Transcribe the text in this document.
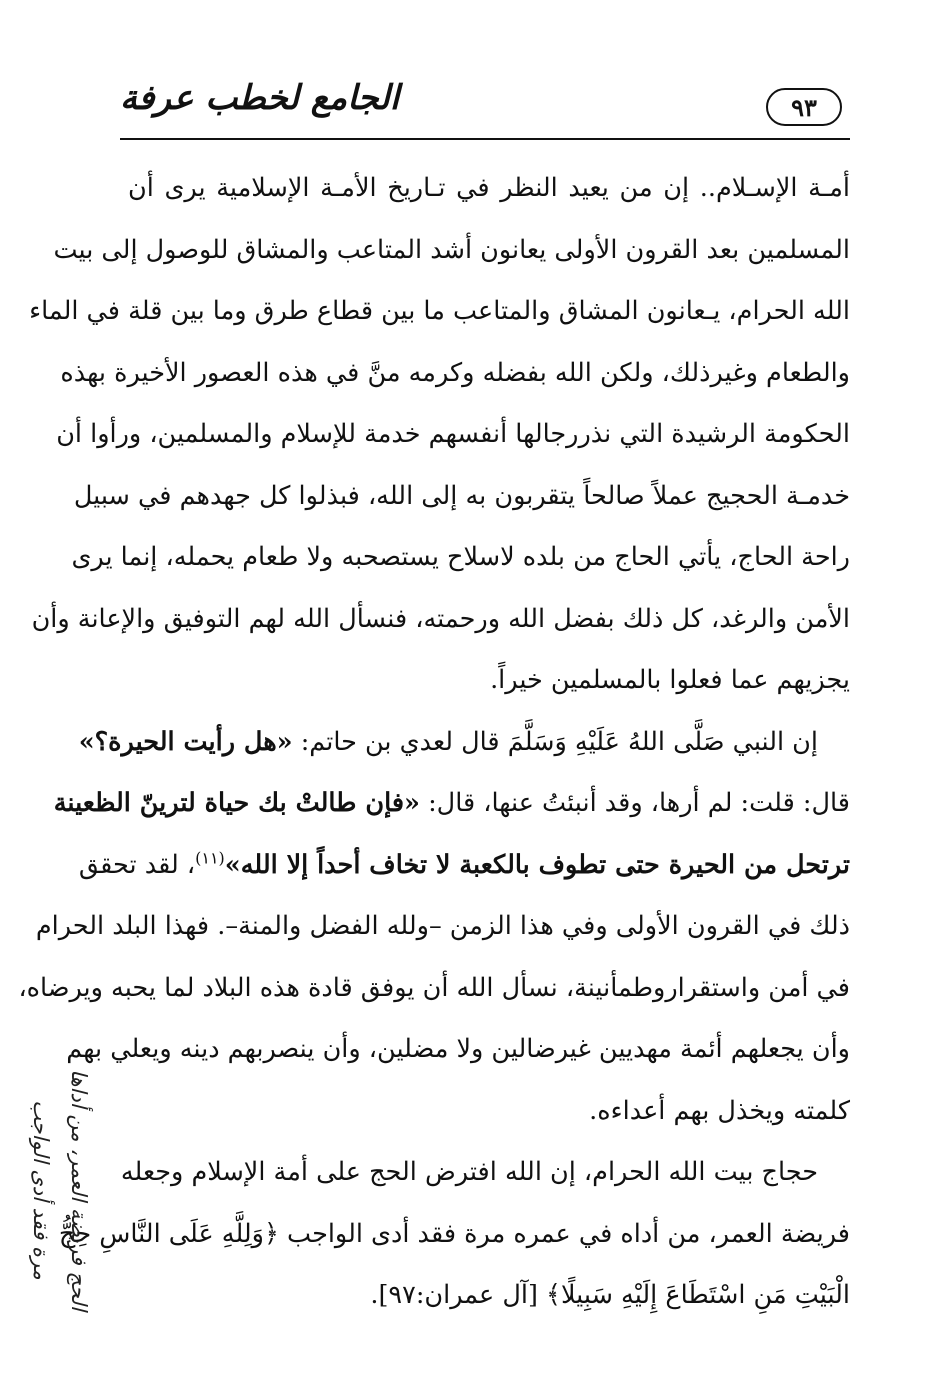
الجامع لخطب عرفة	٩٣
أمـة الإسـلام.. إن من يعيد النظر في تـاريخ الأمـة الإسلامية يرى أن
المسلمين بعد القرون الأولى يعانون أشد المتاعب والمشاق للوصول إلى بيت
الله الحرام، يـعانون المشاق والمتاعب ما بين قطاع طرق وما بين قلة في الماء
والطعام وغيرذلك، ولكن الله بفضله وكرمه منَّ في هذه العصور الأخيرة بهذه
الحكومة الرشيدة التي نذررجالها أنفسهم خدمة للإسلام والمسلمين، ورأوا أن
خدمـة الحجيج عملاً صالحاً يتقربون به إلى الله، فبذلوا كل جهدهم في سبيل
راحة الحاج، يأتي الحاج من بلده لاسلاح يستصحبه ولا طعام يحمله، إنما يرى
الأمن والرغد، كل ذلك بفضل الله ورحمته، فنسأل الله لهم التوفيق والإعانة وأن
يجزيهم عما فعلوا بالمسلمين خيراً.
إن النبي صَلَّى اللهُ عَلَيْهِ وَسَلَّمَ قال لعدي بن حاتم: «هل رأيت الحيرة؟»
قال: قلت: لم أرها، وقد أنبئتُ عنها، قال: «فإن طالتْ بك حياة لترينّ الظعينة
ترتحل من الحيرة حتى تطوف بالكعبة لا تخاف أحداً إلا الله»$^{(١١)}$، لقد تحقق
ذلك في القرون الأولى وفي هذا الزمن –ولله الفضل والمنة–. فهذا البلد الحرام
في أمن واستقراروطمأنينة، نسأل الله أن يوفق قادة هذه البلاد لما يحبه ويرضاه،
وأن يجعلهم أئمة مهديين غيرضالين ولا مضلين، وأن ينصربهم دينه ويعلي بهم
كلمته ويخذل بهم أعداءه.
حجاج بيت الله الحرام، إن الله افترض الحج على أمة الإسلام وجعله
فريضة العمر، من أداه في عمره مرة فقد أدى الواجب ﴿وَلِلَّهِ عَلَى النَّاسِ حِجُّ
الْبَيْتِ مَنِ اسْتَطَاعَ إِلَيْهِ سَبِيلًا﴾ [آل عمران:٩٧].
الحج فريضة العمر، من أداها
مرة فقد أدى الواجب
